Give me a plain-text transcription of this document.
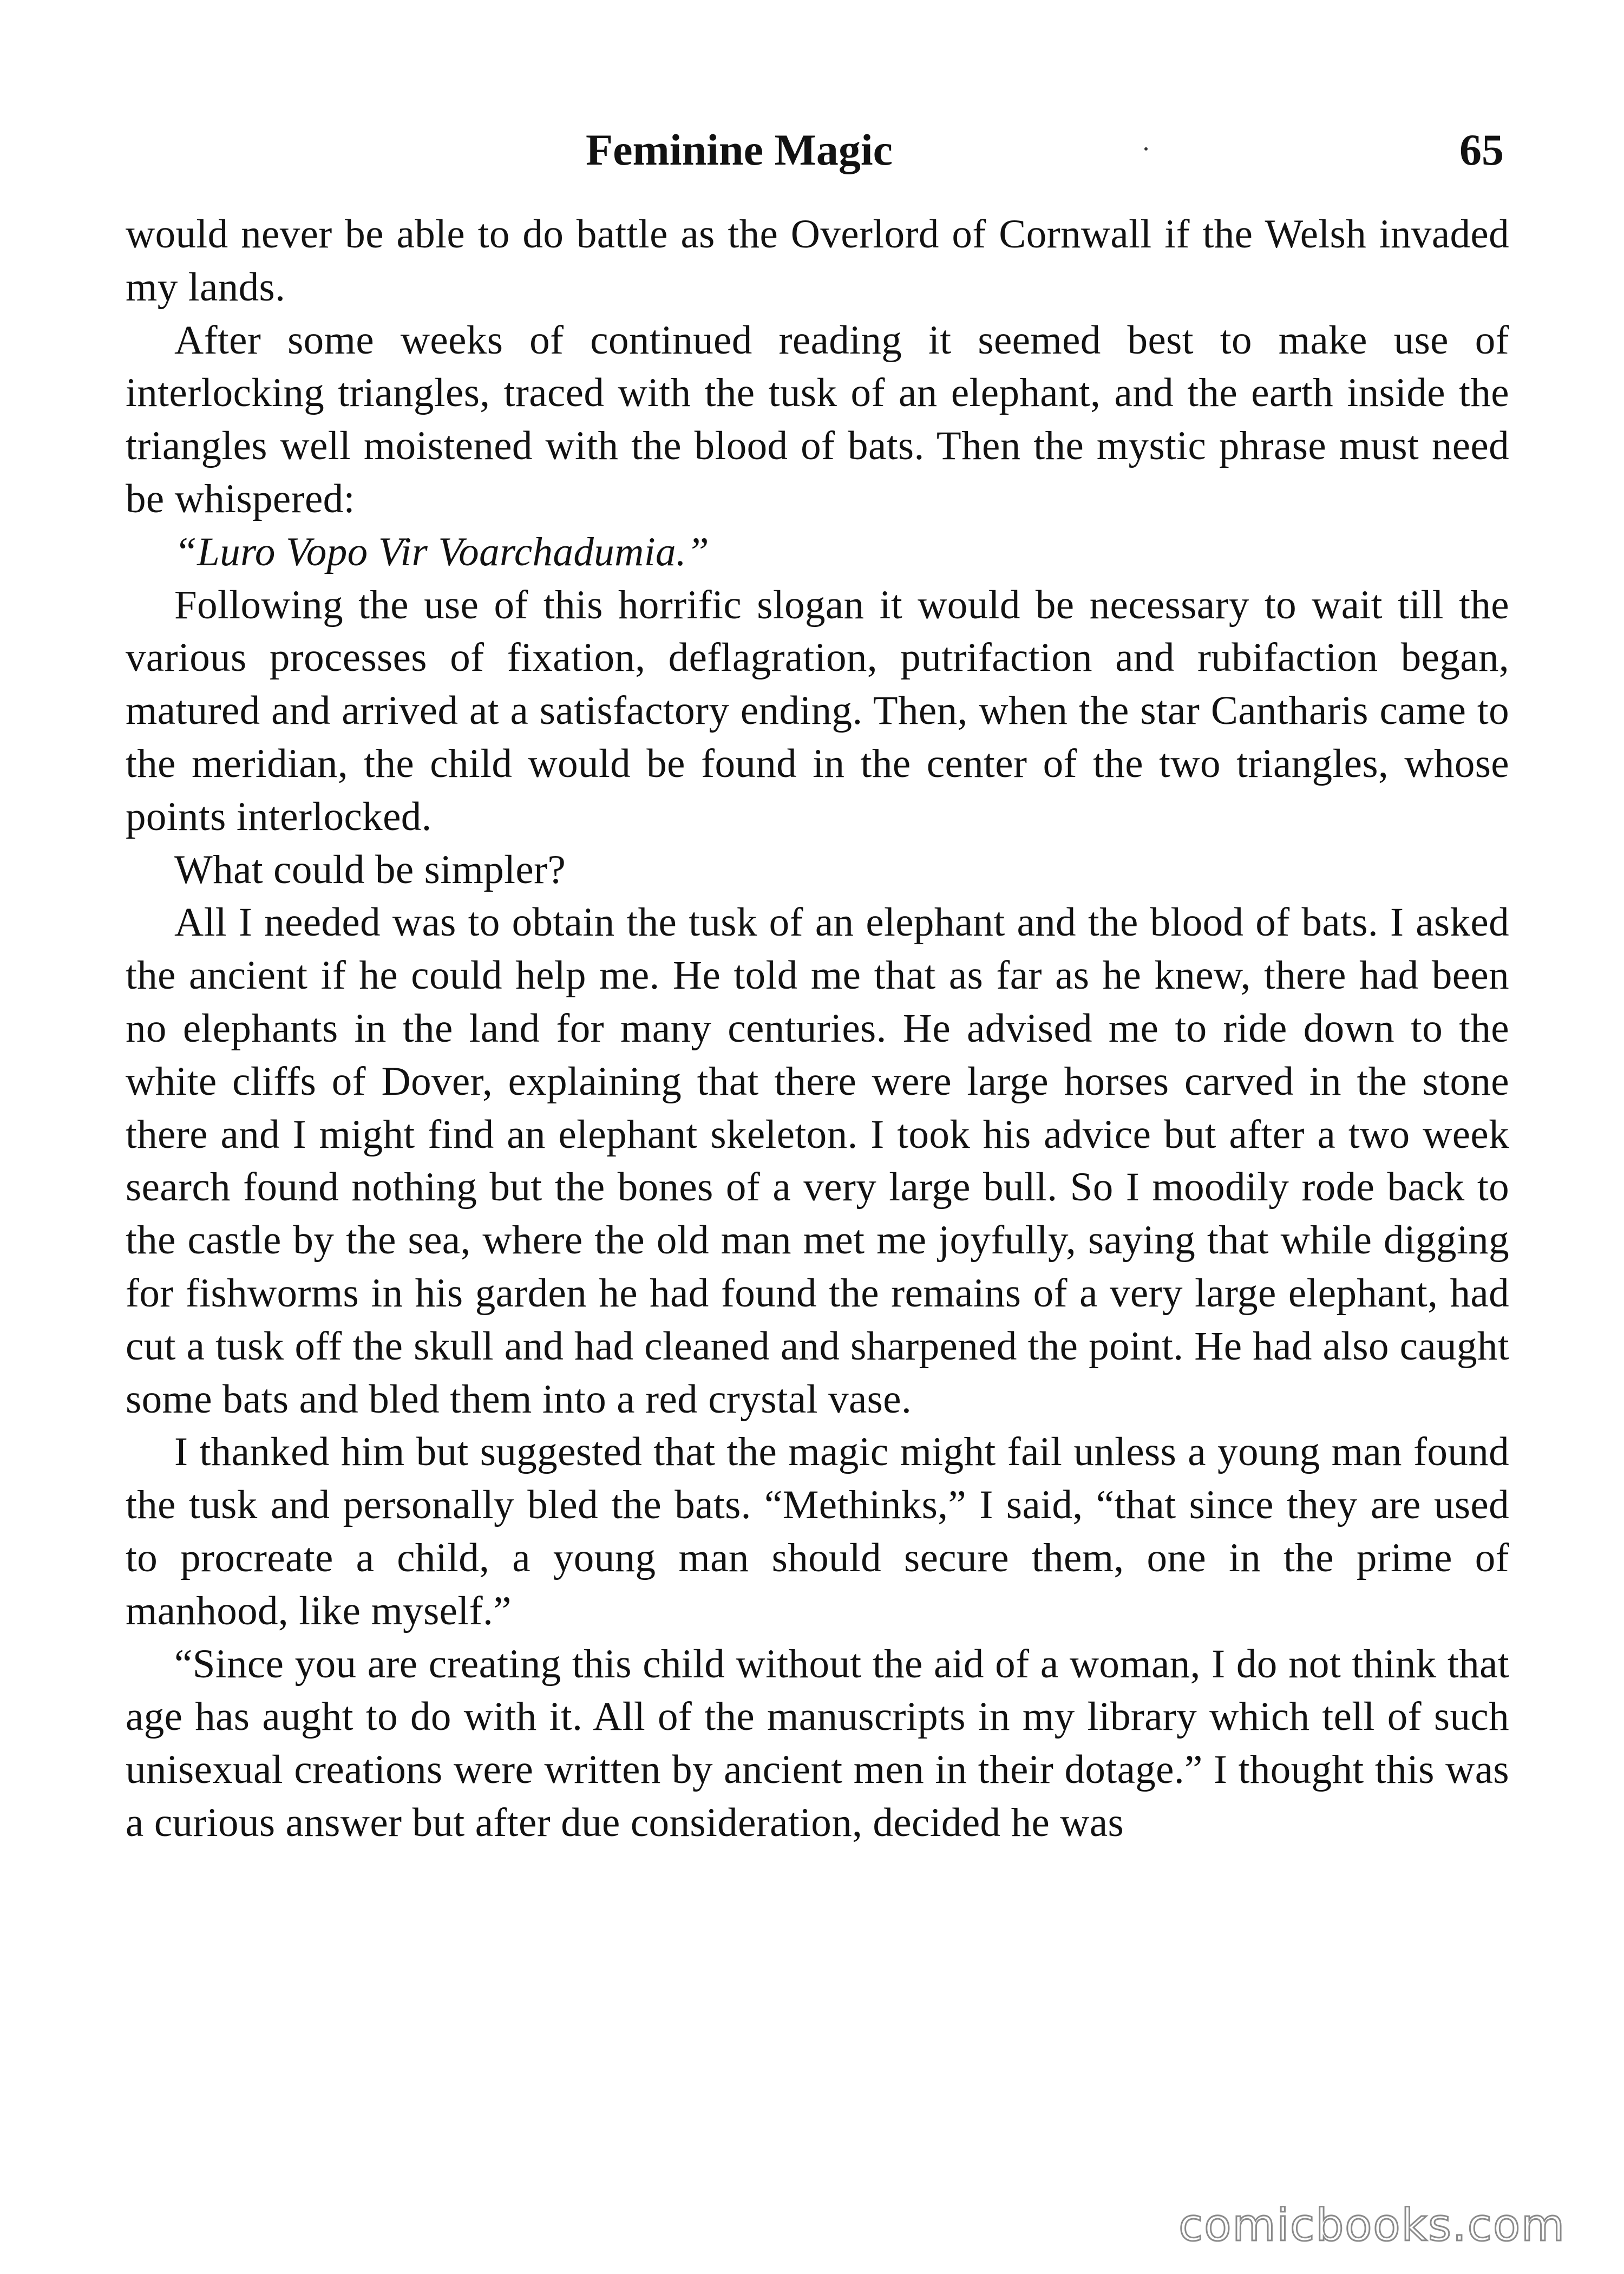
Feminine Magic	65

would never be able to do battle as the Overlord of Cornwall if the Welsh invaded my lands.

After some weeks of continued reading it seemed best to make use of interlocking triangles, traced with the tusk of an elephant, and the earth inside the triangles well moistened with the blood of bats. Then the mystic phrase must need be whispered:

“Luro Vopo Vir Voarchadumia.”

Following the use of this horrific slogan it would be necessary to wait till the various processes of fixation, deflagration, putrifaction and rubifaction began, matured and arrived at a satisfactory ending. Then, when the star Cantharis came to the meridian, the child would be found in the center of the two triangles, whose points interlocked.

What could be simpler?

All I needed was to obtain the tusk of an elephant and the blood of bats. I asked the ancient if he could help me. He told me that as far as he knew, there had been no elephants in the land for many centuries. He advised me to ride down to the white cliffs of Dover, explaining that there were large horses carved in the stone there and I might find an elephant skeleton. I took his advice but after a two week search found nothing but the bones of a very large bull. So I moodily rode back to the castle by the sea, where the old man met me joyfully, saying that while digging for fishworms in his garden he had found the remains of a very large elephant, had cut a tusk off the skull and had cleaned and sharpened the point. He had also caught some bats and bled them into a red crystal vase.

I thanked him but suggested that the magic might fail unless a young man found the tusk and personally bled the bats. “Methinks,” I said, “that since they are used to procreate a child, a young man should secure them, one in the prime of manhood, like myself.”

“Since you are creating this child without the aid of a woman, I do not think that age has aught to do with it. All of the manuscripts in my library which tell of such unisexual creations were written by ancient men in their dotage.” I thought this was a curious answer but after due consideration, decided he was

comicbooks.com
